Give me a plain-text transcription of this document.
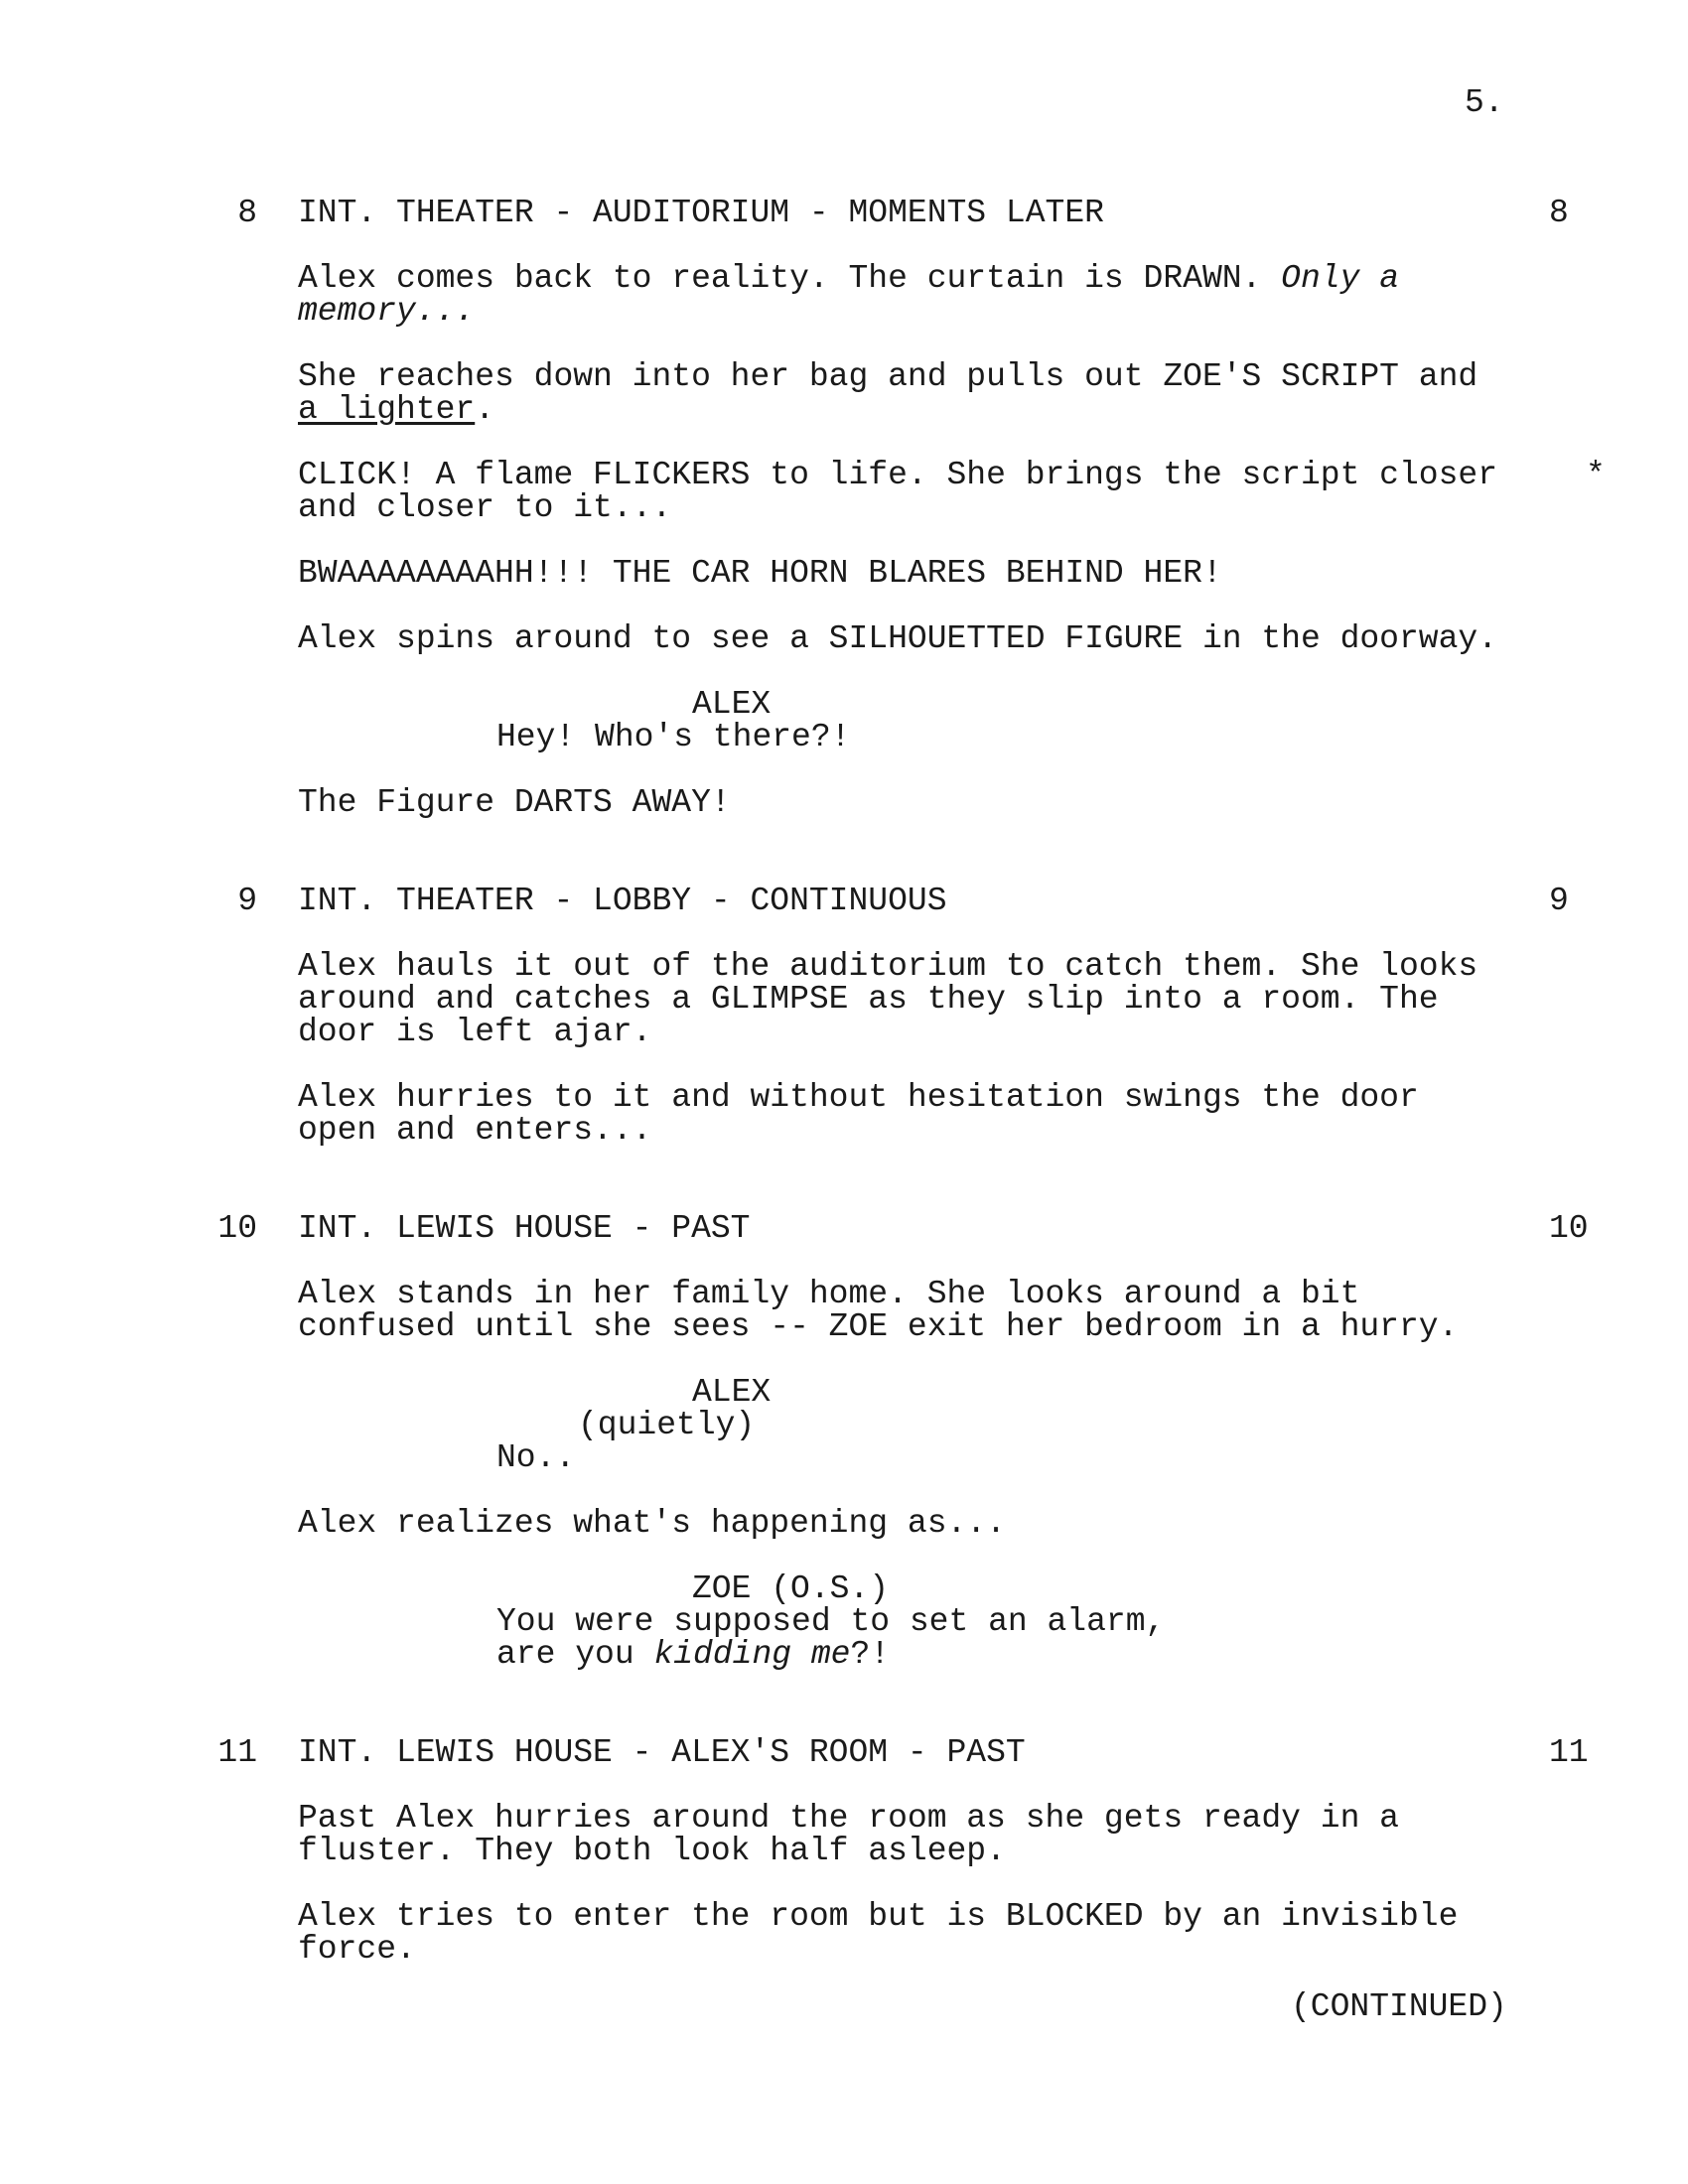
5.
8 INT. THEATER - AUDITORIUM - MOMENTS LATER	8
Alex comes back to reality. The curtain is DRAWN. Only a
memory...
She reaches down into her bag and pulls out ZOE'S SCRIPT and
a lighter.
CLICK! A flame FLICKERS to life. She brings the script closer	*
and closer to it...
BWAAAAAAAAHH!!! THE CAR HORN BLARES BEHIND HER!
Alex spins around to see a SILHOUETTED FIGURE in the doorway.
ALEX
Hey! Who's there?!
The Figure DARTS AWAY!
9 INT. THEATER - LOBBY - CONTINUOUS	9
Alex hauls it out of the auditorium to catch them. She looks
around and catches a GLIMPSE as they slip into a room. The
door is left ajar.
Alex hurries to it and without hesitation swings the door
open and enters...
10 INT. LEWIS HOUSE - PAST	10
Alex stands in her family home. She looks around a bit
confused until she sees -- ZOE exit her bedroom in a hurry.
ALEX
(quietly)
No..
Alex realizes what's happening as...
ZOE (O.S.)
You were supposed to set an alarm,
are you kidding me?!
11 INT. LEWIS HOUSE - ALEX'S ROOM - PAST	11
Past Alex hurries around the room as she gets ready in a
fluster. They both look half asleep.
Alex tries to enter the room but is BLOCKED by an invisible
force.
(CONTINUED)
